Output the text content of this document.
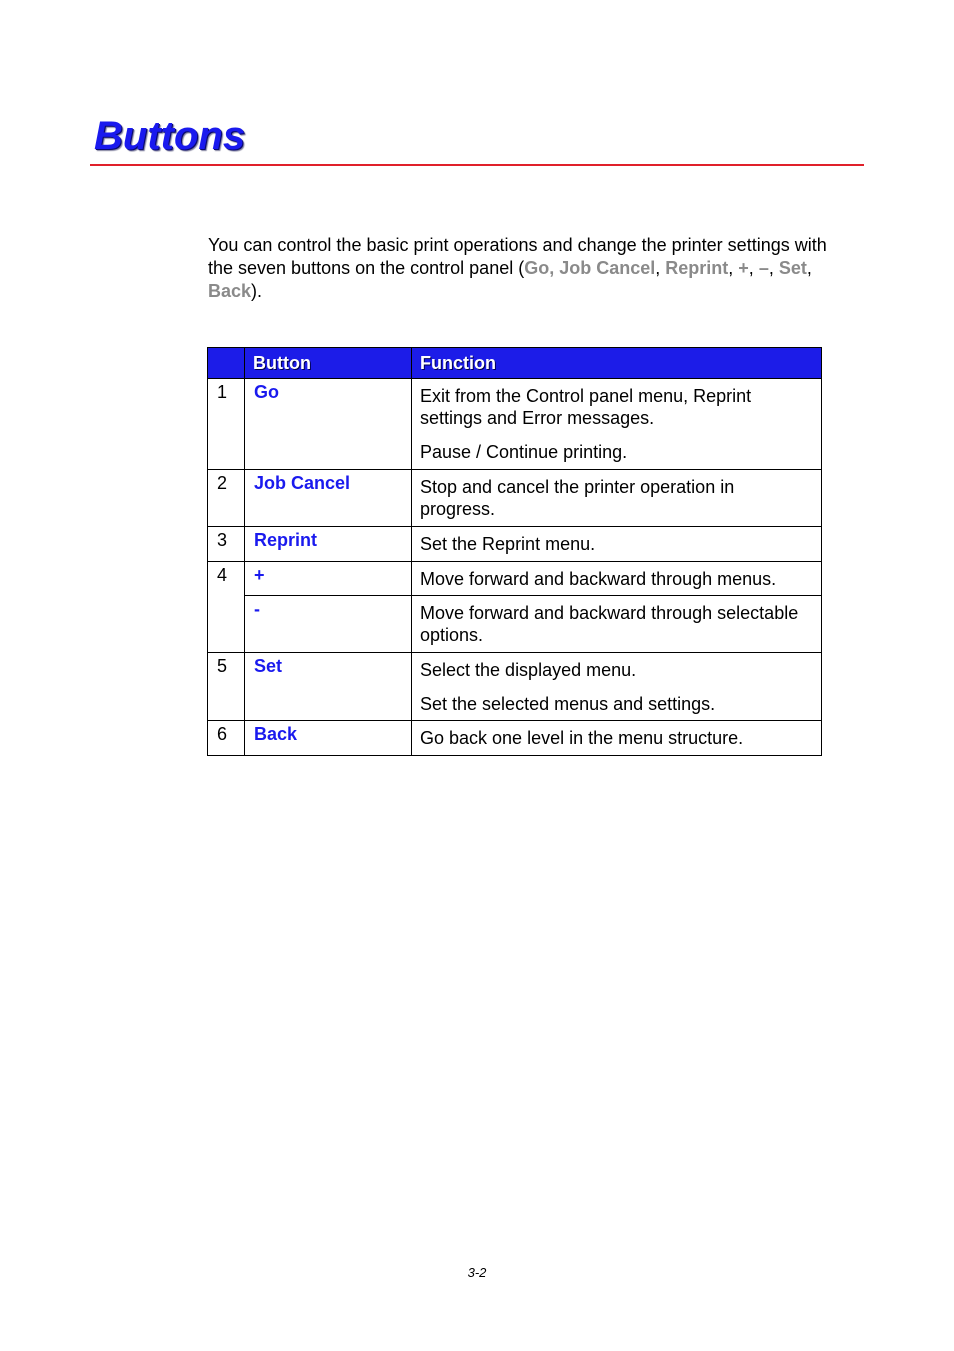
Buttons

You can control the basic print operations and change the printer settings with the seven buttons on the control panel (Go, Job Cancel, Reprint, +, –, Set, Back).

	Button	Function
1	Go	Exit from the Control panel menu, Reprint settings and Error messages.

Pause / Continue printing.

2	Job Cancel	Stop and cancel the printer operation in progress.

3	Reprint	Set the Reprint menu.

4	+	Move forward and backward through menus.

	-	Move forward and backward through selectable options.

5	Set	Select the displayed menu.

Set the selected menus and settings.

6	Back	Go back one level in the menu structure.

3-2
